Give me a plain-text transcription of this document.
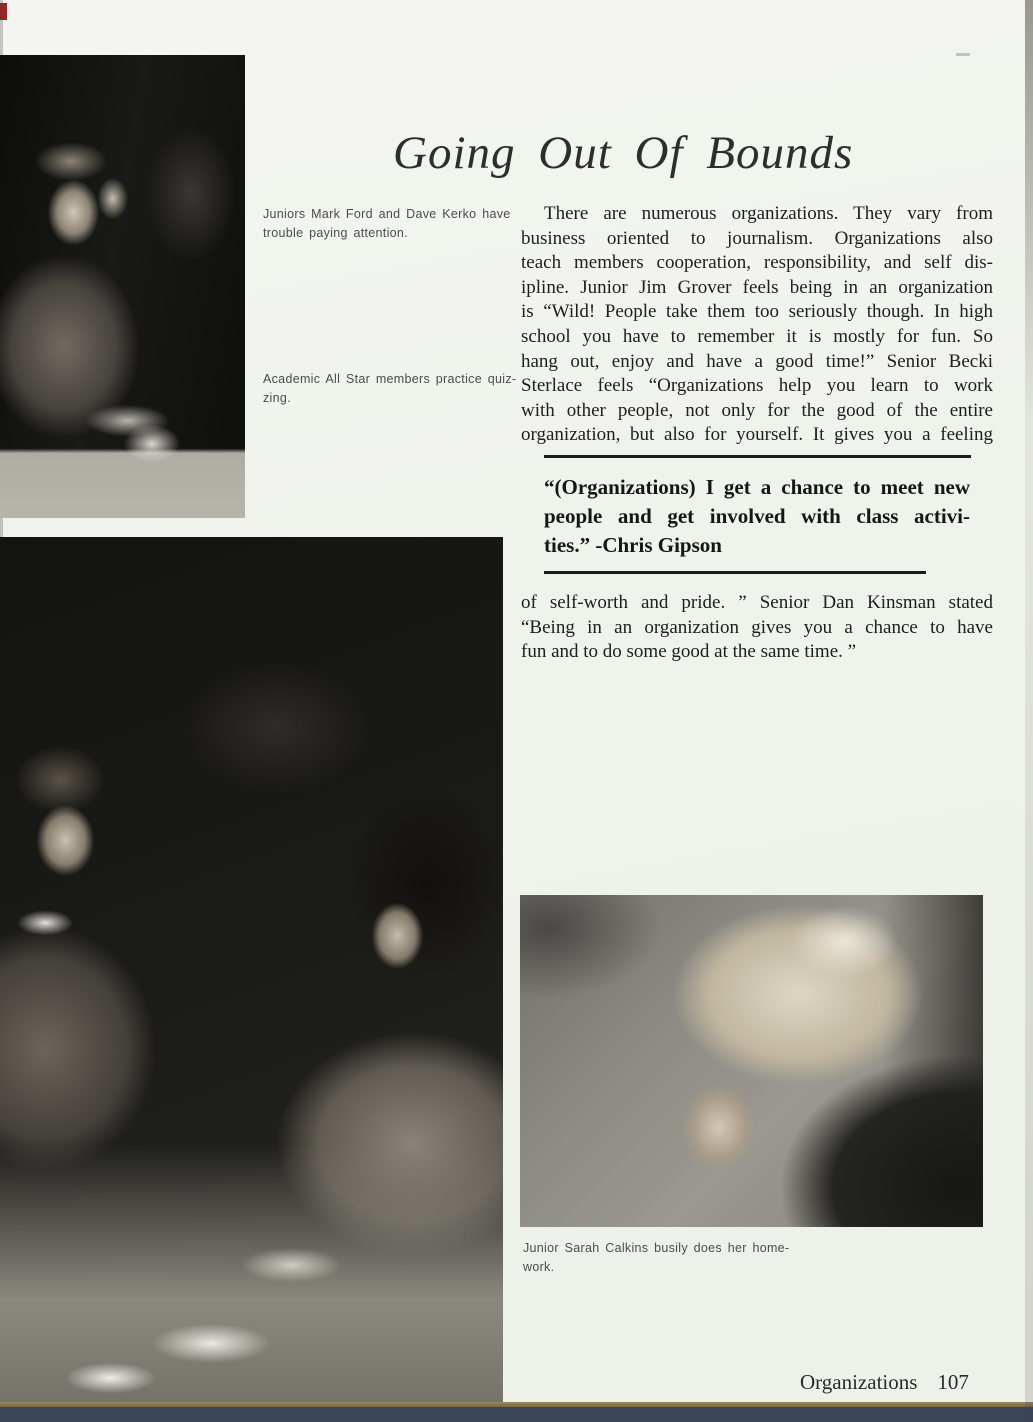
Going Out Of Bounds
Juniors Mark Ford and Dave Kerko have
trouble paying attention.
Academic All Star members practice quiz-
zing.
There are numerous organizations. They vary from
business oriented to journalism. Organizations also
teach members cooperation, responsibility, and self dis-
ipline. Junior Jim Grover feels being in an organization
is “Wild! People take them too seriously though. In high
school you have to remember it is mostly for fun. So
hang out, enjoy and have a good time!” Senior Becki
Sterlace feels “Organizations help you learn to work
with other people, not only for the good of the entire
organization, but also for yourself. It gives you a feeling
“(Organizations) I get a chance to meet new
people and get involved with class activi-
ties.” -Chris Gipson
of self-worth and pride. ” Senior Dan Kinsman stated
“Being in an organization gives you a chance to have
fun and to do some good at the same time. ”
Junior Sarah Calkins busily does her home-
work.
Organizations 107
